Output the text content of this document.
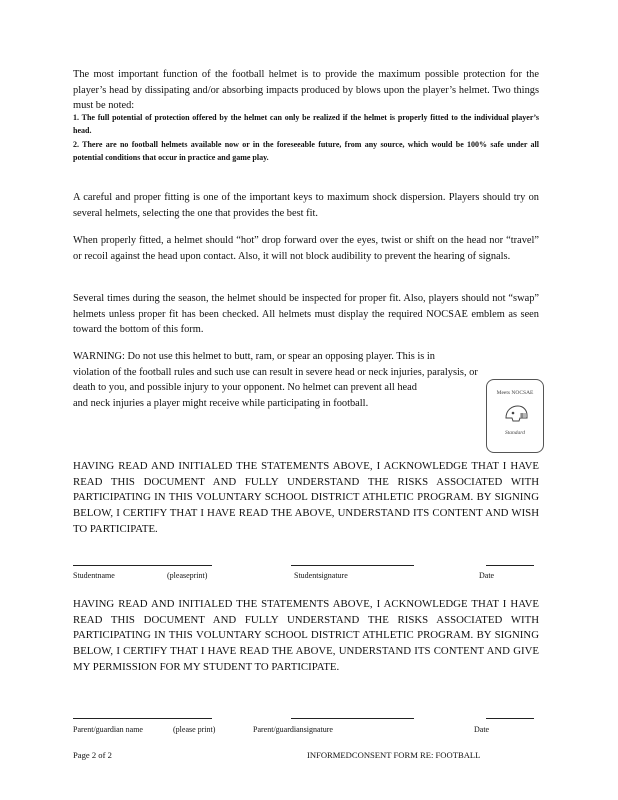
The most important function of the football helmet is to provide the maximum possible protection for the player’s head by dissipating and/or absorbing impacts produced by blows upon the player’s helmet. Two things must be noted:
1. The full potential of protection offered by the helmet can only be realized if the helmet is properly fitted to the individual player’s head.
2. There are no football helmets available now or in the foreseeable future, from any source, which would be 100% safe under all potential conditions that occur in practice and game play.
A careful and proper fitting is one of the important keys to maximum shock dispersion. Players should try on several helmets, selecting the one that provides the best fit.
When properly fitted, a helmet should “hot” drop forward over the eyes, twist or shift on the head nor “travel” or recoil against the head upon contact. Also, it will not block audibility to prevent the hearing of signals.
Several times during the season, the helmet should be inspected for proper fit. Also, players should not “swap” helmets unless proper fit has been checked. All helmets must display the required NOCSAE emblem as seen toward the bottom of this form.
WARNING: Do not use this helmet to butt, ram, or spear an opposing player. This is in
violation of the football rules and such use can result in severe head or neck injuries, paralysis, or
death to you, and possible injury to your opponent. No helmet can prevent all head
and neck injuries a player might receive while participating in football.
Meets NOCSAE
Standard
HAVING READ AND INITIALED THE STATEMENTS ABOVE, I ACKNOWLEDGE THAT I HAVE READ THIS DOCUMENT AND FULLY UNDERSTAND THE RISKS ASSOCIATED WITH PARTICIPATING IN THIS VOLUNTARY SCHOOL DISTRICT ATHLETIC PROGRAM. BY SIGNING BELOW, I CERTIFY THAT I HAVE READ THE ABOVE, UNDERSTAND ITS CONTENT AND WISH TO PARTICIPATE.
Studentname	(pleaseprint)	Studentsignature	Date
HAVING READ AND INITIALED THE STATEMENTS ABOVE, I ACKNOWLEDGE THAT I HAVE READ THIS DOCUMENT AND FULLY UNDERSTAND THE RISKS ASSOCIATED WITH PARTICIPATING IN THIS VOLUNTARY SCHOOL DISTRICT ATHLETIC PROGRAM. BY SIGNING BELOW, I CERTIFY THAT I HAVE READ THE ABOVE, UNDERSTAND ITS CONTENT AND GIVE MY PERMISSION FOR MY STUDENT TO PARTICIPATE.
Parent/guardian name	(please print)	Parent/guardiansignature	Date
Page 2 of 2	INFORMEDCONSENT FORM RE: FOOTBALL
